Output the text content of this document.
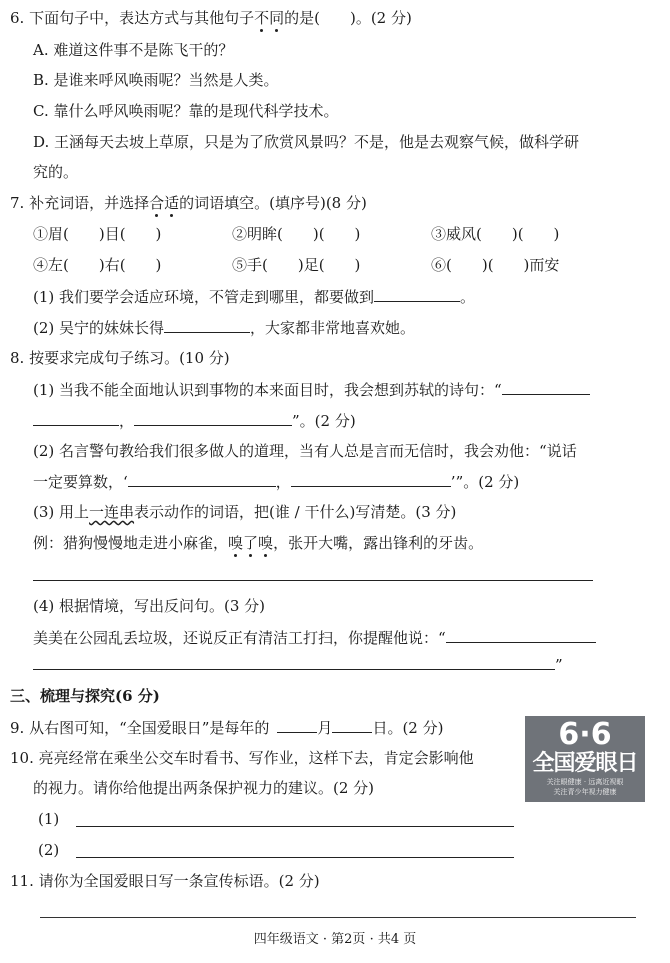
6. 下面句子中，表达方式与其他句子不同的是(　　)。(2 分)
A. 难道这件事不是陈飞干的？
B. 是谁来呼风唤雨呢？当然是人类。
C. 靠什么呼风唤雨呢？靠的是现代科学技术。
D. 王涵每天去坡上草原，只是为了欣赏风景吗？不是，他是去观察气候，做科学研
究的。
7. 补充词语，并选择合适的词语填空。(填序号)(8 分)
①眉(　　)目(　　)	②明眸(　　)(　　)	③威风(　　)(　　)
④左(　　)右(　　)	⑤手(　　)足(　　)	⑥(　　)(　　)而安
(1) 我们要学会适应环境，不管走到哪里，都要做到	。
(2) 吴宁的妹妹长得	，大家都非常地喜欢她。
8. 按要求完成句子练习。(10 分)
(1) 当我不能全面地认识到事物的本来面目时，我会想到苏轼的诗句：“
，	”。(2 分)
(2) 名言警句教给我们很多做人的道理，当有人总是言而无信时，我会劝他：“说话
一定要算数，‘	，	’”。(2 分)
(3) 用上一连串表示动作的词语，把(谁 / 干什么)写清楚。(3 分)
例：猎狗慢慢地走进小麻雀，嗅了嗅，张开大嘴，露出锋利的牙齿。
(4) 根据情境，写出反问句。(3 分)
美美在公园乱丢垃圾，还说反正有清洁工打扫，你提醒他说：“
”
三、梳理与探究(6 分)
9. 从右图可知，“全国爱眼日”是每年的	月	日。(2 分)
10. 亮亮经常在乘坐公交车时看书、写作业，这样下去，肯定会影响他
的视力。请你给他提出两条保护视力的建议。(2 分)
(1)
(2)
11. 请你为全国爱眼日写一条宣传标语。(2 分)
6·6
全国爱眼日
关注眼健康 · 远离近视眼
关注青少年视力健康
四年级语文 · 第2页 · 共4 页
